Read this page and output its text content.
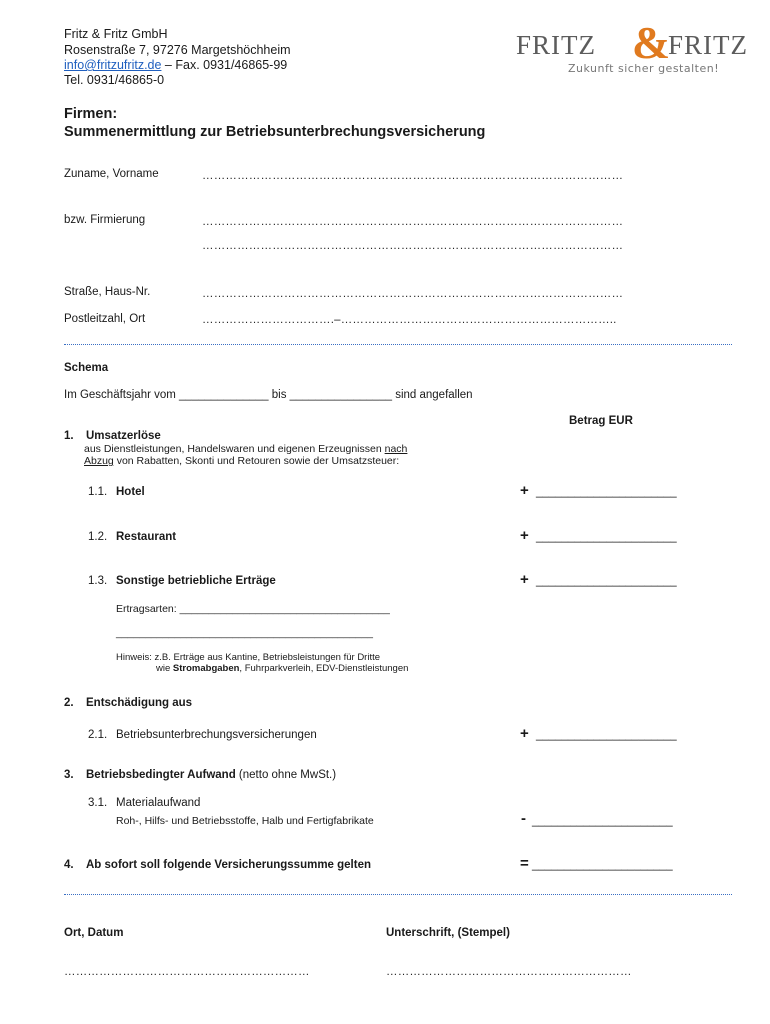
Fritz & Fritz GmbH
Rosenstraße 7, 97276 Margetshöchheim
info@fritzufritz.de – Fax. 0931/46865-99
Tel. 0931/46865-0
FRITZ &
FRITZ
Zukunft sicher gestalten!
Firmen:
Summenermittlung zur Betriebsunterbrechungsversicherung
Zuname, Vorname	………………………………………………………………………………………………
bzw. Firmierung	………………………………………………………………………………………………
………………………………………………………………………………………………
Straße, Haus-Nr.	………………………………………………………………………………………………
Postleitzahl, Ort	…………………………….–……………………………………………………………..
Schema
Im Geschäftsjahr vom ______________ bis ________________ sind angefallen
Betrag EUR
1. Umsatzerlöse
aus Dienstleistungen, Handelswaren und eigenen Erzeugnissen nach
Abzug von Rabatten, Skonti und Retouren sowie der Umsatzsteuer:
1.1. Hotel	+ ______________________
1.2. Restaurant	+ ______________________
1.3. Sonstige betriebliche Erträge	+ ______________________
Ertragsarten: ____________________________________
____________________________________________
Hinweis: z.B. Erträge aus Kantine, Betriebsleistungen für Dritte
wie Stromabgaben, Fuhrparkverleih, EDV-Dienstleistungen
2. Entschädigung aus
2.1. Betriebsunterbrechungsversicherungen	+ ______________________
3. Betriebsbedingter Aufwand (netto ohne MwSt.)
3.1. Materialaufwand
Roh-, Hilfs- und Betriebsstoffe, Halb und Fertigfabrikate	- ______________________
4. Ab sofort soll folgende Versicherungssumme gelten	= ______________________
Ort, Datum	Unterschrift, (Stempel)
………………………………………………………	………………………………………………………
